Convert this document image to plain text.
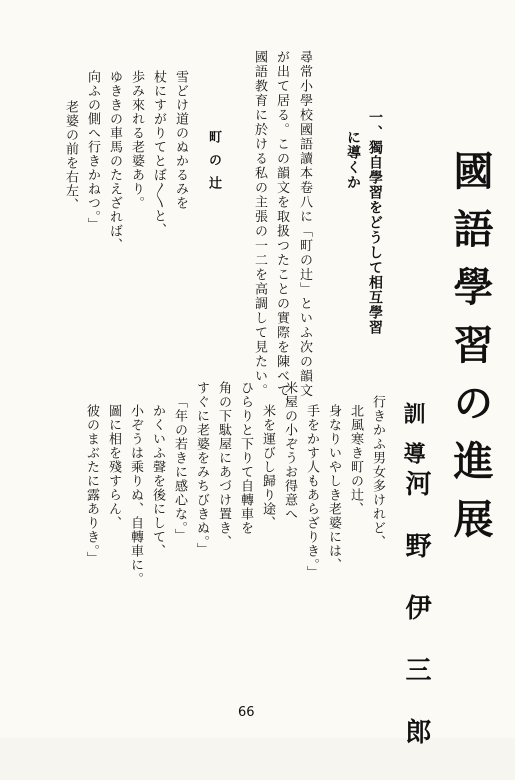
國語學習の進展
訓導
河野伊三郎
行きかふ男女多けれど、
北風寒き町の辻、
身なりいやしき老婆には、
手をかす人もあらざりき。」
米屋の小ぞうお得意へ
米を運びし歸り途、
ひらりと下りて自轉車を
角の下駄屋にあづけ置き、
すぐに老婆をみちびきぬ。」
「年の若きに感心な。」
かくいふ聲を後にして、
小ぞうは乘りぬ、自轉車に。
圖に相を殘すらん、
彼のまぶたに露ありき。」
一、獨自學習をどうして相互學習
に導くか
尋常小學校國語讀本卷八に「町の辻」といふ次の韻文
が出て居る。この韻文を取扱つたことの實際を陳べて、
國語教育に於ける私の主張の一二を高調して見たい。
町の辻
雪どけ道のぬかるみを
杖にすがりてとぼ〳〵と、
歩み來れる老婆あり。
ゆききの車馬のたえざれば、
向ふの側へ行きかねつ。」
老婆の前を右左、
66
